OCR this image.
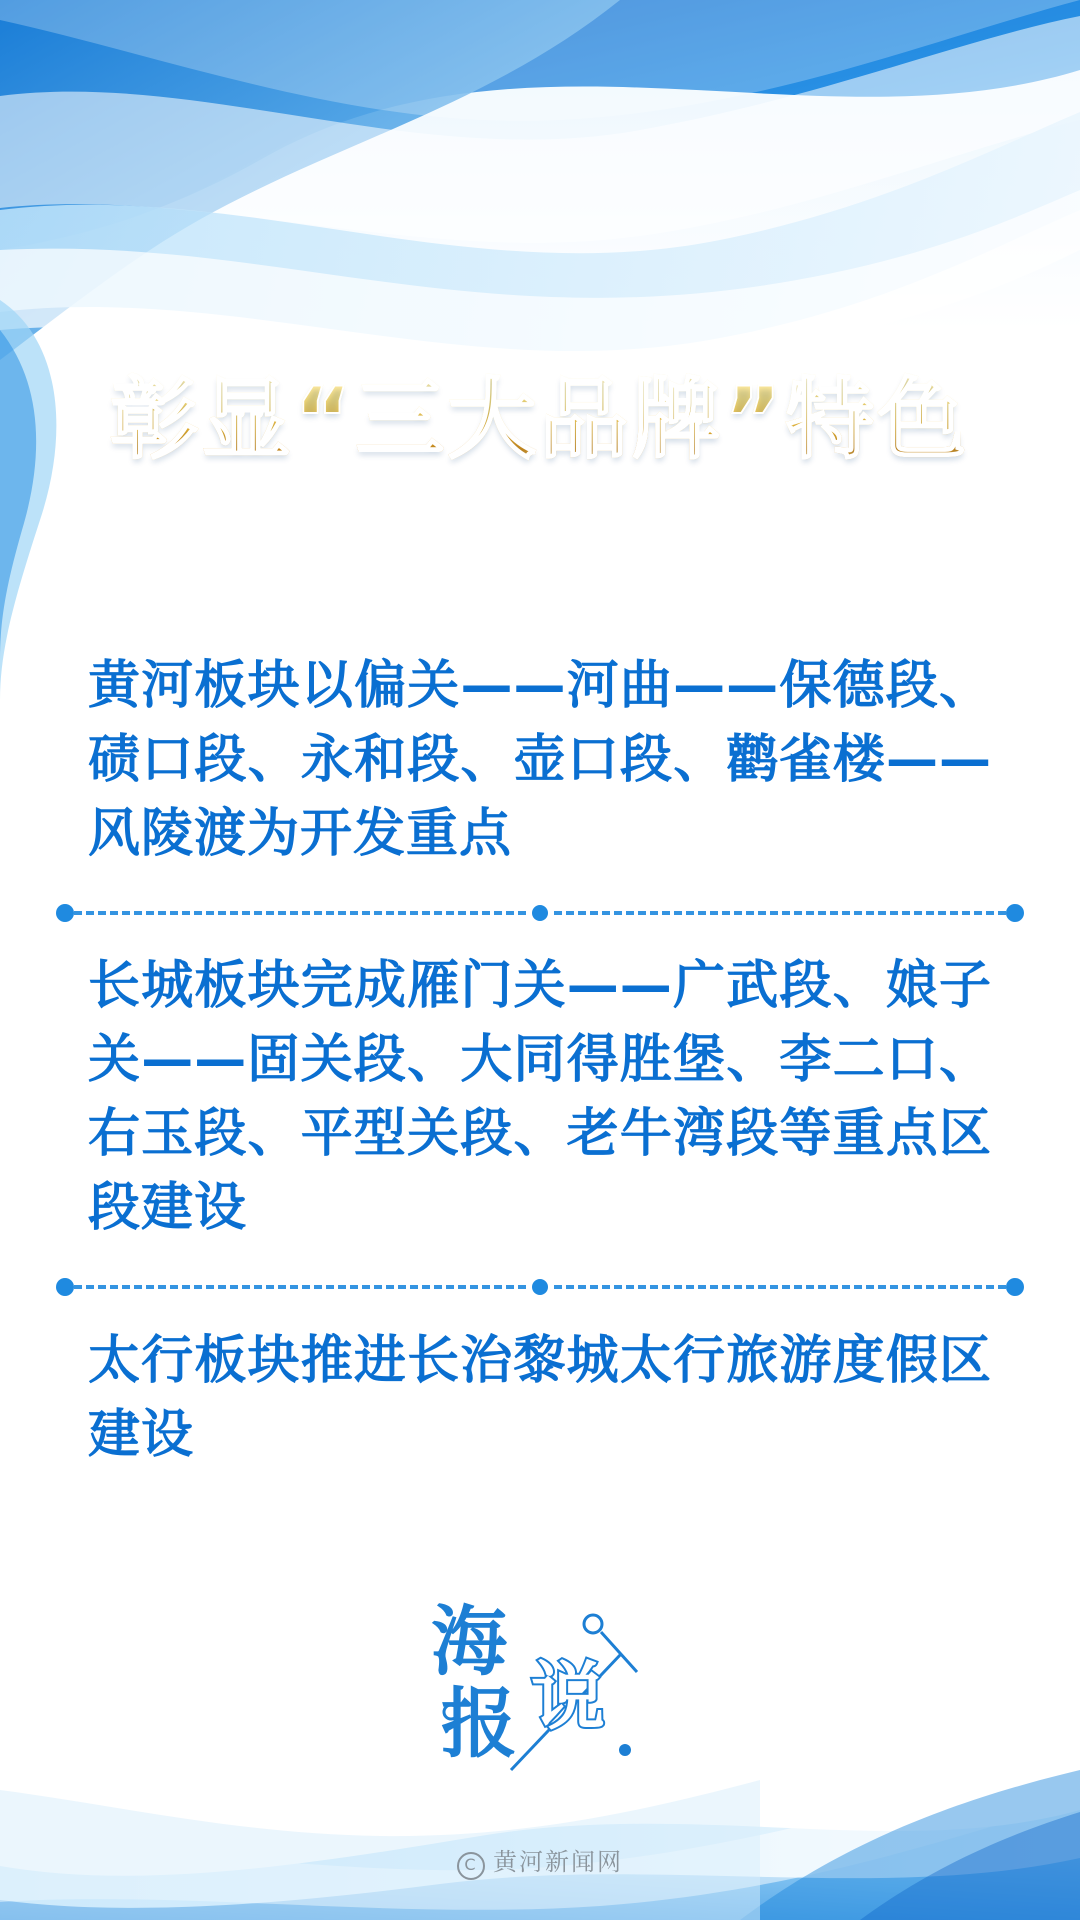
彰显“三大品牌”特色
黄河板块以偏关——河曲——保德段、碛口段、永和段、壶口段、鹳雀楼——风陵渡为开发重点
长城板块完成雁门关——广武段、娘子关——固关段、大同得胜堡、李二口、右玉段、平型关段、老牛湾段等重点区段建设
太行板块推进长治黎城太行旅游度假区建设
海
报 说
C 黄河新闻网
